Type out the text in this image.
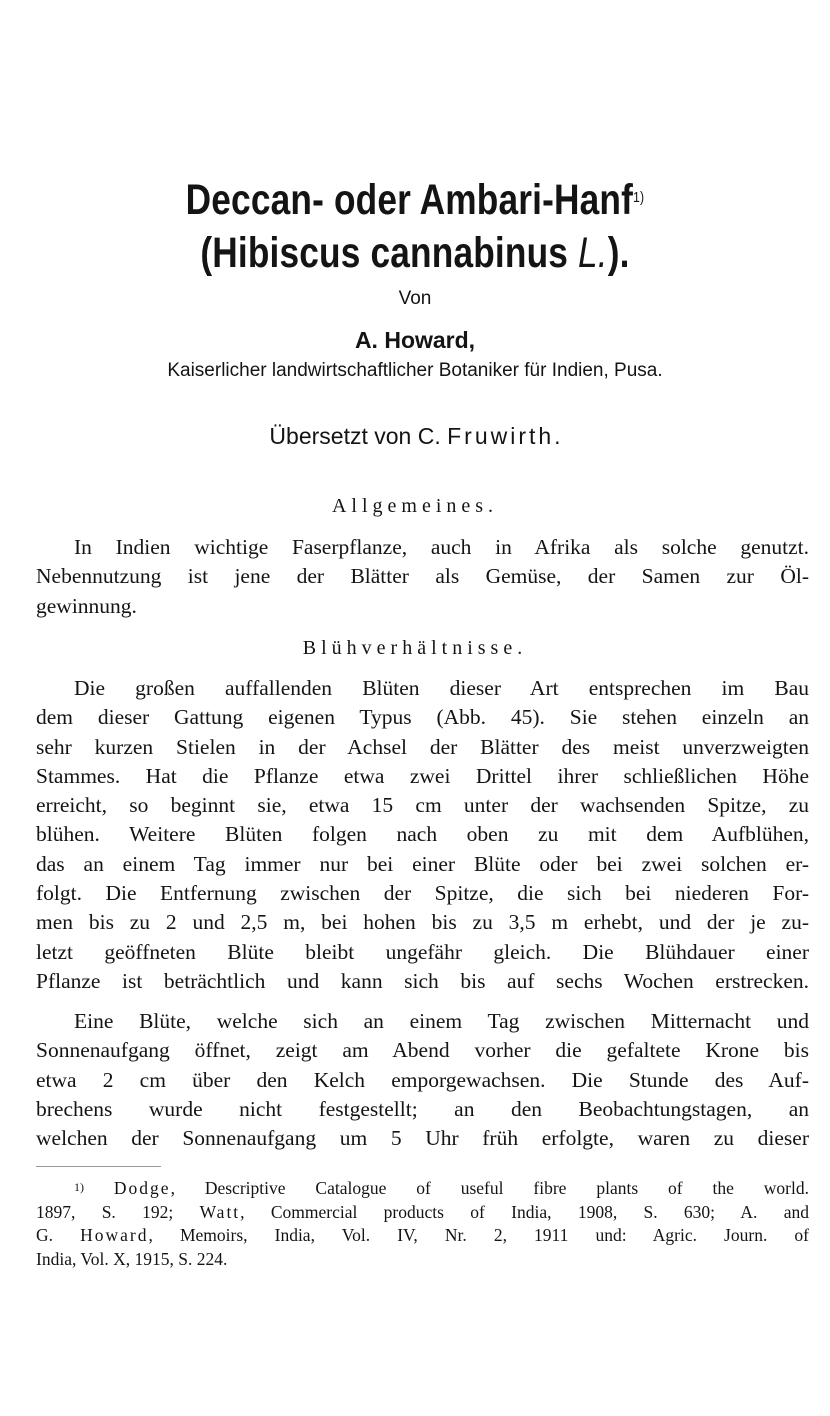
Deccan- oder Ambari-Hanf$^{1)}$
(Hibiscus cannabinus L.).
Von
A. Howard,
Kaiserlicher landwirtschaftlicher Botaniker für Indien, Pusa.
Übersetzt von C. Fruwirth.
Allgemeines.
In Indien wichtige Faserpflanze, auch in Afrika als solche genutzt.
Nebennutzung ist jene der Blätter als Gemüse, der Samen zur Öl-
gewinnung.
Blühverhältnisse.
Die großen auffallenden Blüten dieser Art entsprechen im Bau
dem dieser Gattung eigenen Typus (Abb. 45). Sie stehen einzeln an
sehr kurzen Stielen in der Achsel der Blätter des meist unverzweigten
Stammes. Hat die Pflanze etwa zwei Drittel ihrer schließlichen Höhe
erreicht, so beginnt sie, etwa 15 cm unter der wachsenden Spitze, zu
blühen. Weitere Blüten folgen nach oben zu mit dem Aufblühen,
das an einem Tag immer nur bei einer Blüte oder bei zwei solchen er-
folgt. Die Entfernung zwischen der Spitze, die sich bei niederen For-
men bis zu 2 und 2,5 m, bei hohen bis zu 3,5 m erhebt, und der je zu-
letzt geöffneten Blüte bleibt ungefähr gleich. Die Blühdauer einer
Pflanze ist beträchtlich und kann sich bis auf sechs Wochen erstrecken.
Eine Blüte, welche sich an einem Tag zwischen Mitternacht und
Sonnenaufgang öffnet, zeigt am Abend vorher die gefaltete Krone bis
etwa 2 cm über den Kelch emporgewachsen. Die Stunde des Auf-
brechens wurde nicht festgestellt; an den Beobachtungstagen, an
welchen der Sonnenaufgang um 5 Uhr früh erfolgte, waren zu dieser
$^{1)}$ Dodge, Descriptive Catalogue of useful fibre plants of the world.
1897, S. 192; Watt, Commercial products of India, 1908, S. 630; A. and
G. Howard, Memoirs, India, Vol. IV, Nr. 2, 1911 und: Agric. Journ. of
India, Vol. X, 1915, S. 224.
